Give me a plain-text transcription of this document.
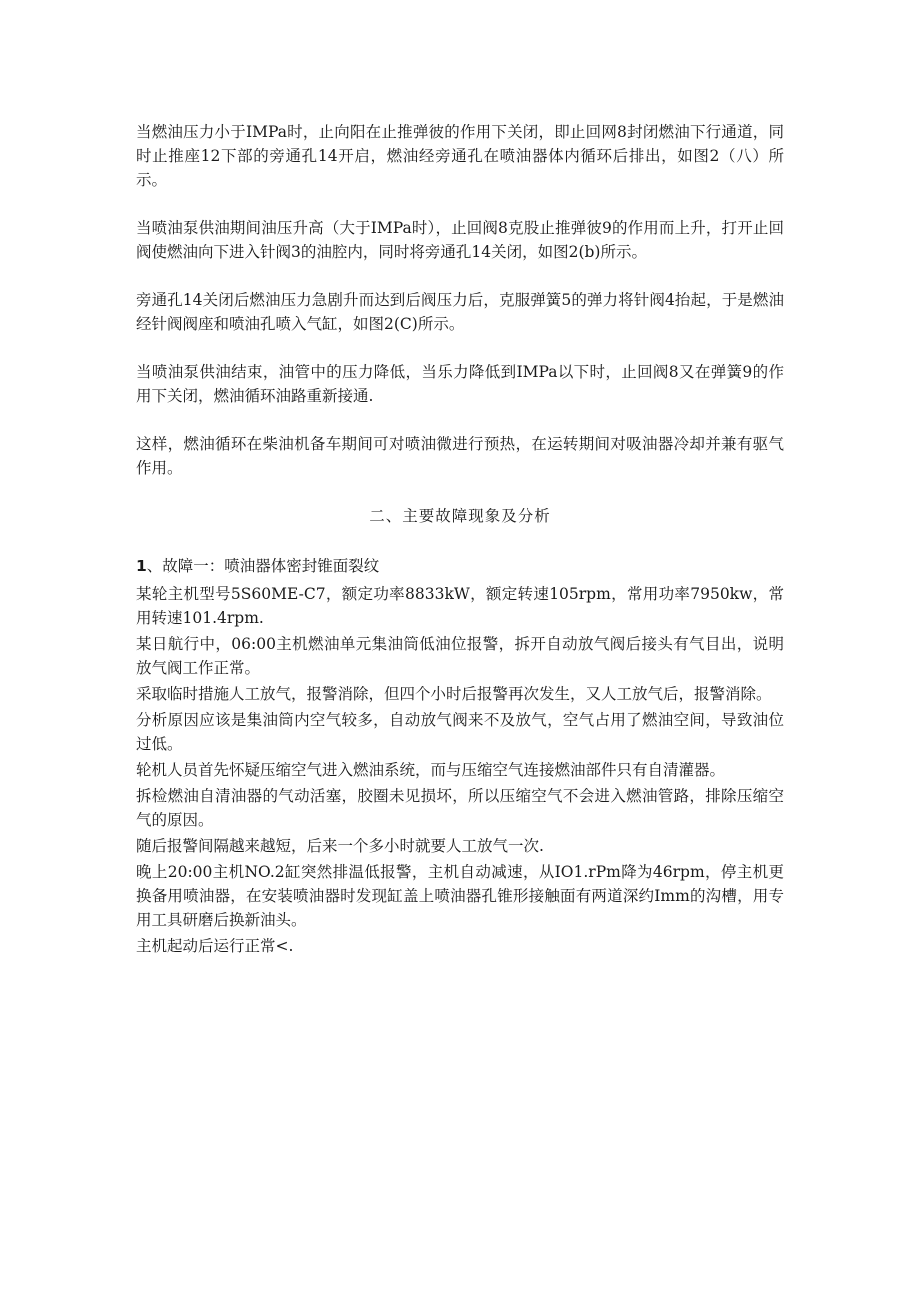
当燃油压力小于IMPa时，止向阳在止推弹彼的作用下关闭，即止回网8封闭燃油下行通道，同时止推座12下部的旁通孔14开启，燃油经旁通孔在喷油器体内循环后排出，如图2（八）所示。

当喷油泵供油期间油压升高（大于IMPa时），止回阀8克股止推弹彼9的作用而上升，打开止回阀使燃油向下进入针阀3的油腔内，同时将旁通孔14关闭，如图2(b)所示。

旁通孔14关闭后燃油压力急剧升而达到后阀压力后，克服弹簧5的弹力将针阀4抬起，于是燃油经针阀阀座和喷油孔喷入气缸，如图2(C)所示。

当喷油泵供油结束，油管中的压力降低，当乐力降低到IMPa以下时，止回阀8又在弹簧9的作用下关闭，燃油循环油路重新接通.

这样，燃油循环在柴油机备车期间可对喷油微进行预热，在运转期间对吸油器冷却并兼有驱气作用。

二、主要故障现象及分析

1、故障一：喷油器体密封锥面裂纹

某轮主机型号5S60ME-C7，额定功率8833kW，额定转速105rpm，常用功率7950kw，常用转速101.4rpm.

某日航行中，06:00主机燃油单元集油筒低油位报警，拆开自动放气阀后接头有气目出，说明放气阀工作正常。

采取临时措施人工放气，报警消除，但四个小时后报警再次发生，又人工放气后，报警消除。

分析原因应该是集油筒内空气较多，自动放气阀来不及放气，空气占用了燃油空间，导致油位过低。

轮机人员首先怀疑压缩空气进入燃油系统，而与压缩空气连接燃油部件只有自清灌器。

拆检燃油自清油器的气动活塞，胶圈未见损坏，所以压缩空气不会进入燃油管路，排除压缩空气的原因。

随后报警间隔越来越短，后来一个多小时就要人工放气一次.

晚上20:00主机NO.2缸突然排温低报警，主机自动减速，从IO1.rPm降为46rpm，停主机更换备用喷油器，在安装喷油器时发现缸盖上喷油器孔锥形接触面有两道深约Imm的沟槽，用专用工具研磨后换新油头。

主机起动后运行正常<.
